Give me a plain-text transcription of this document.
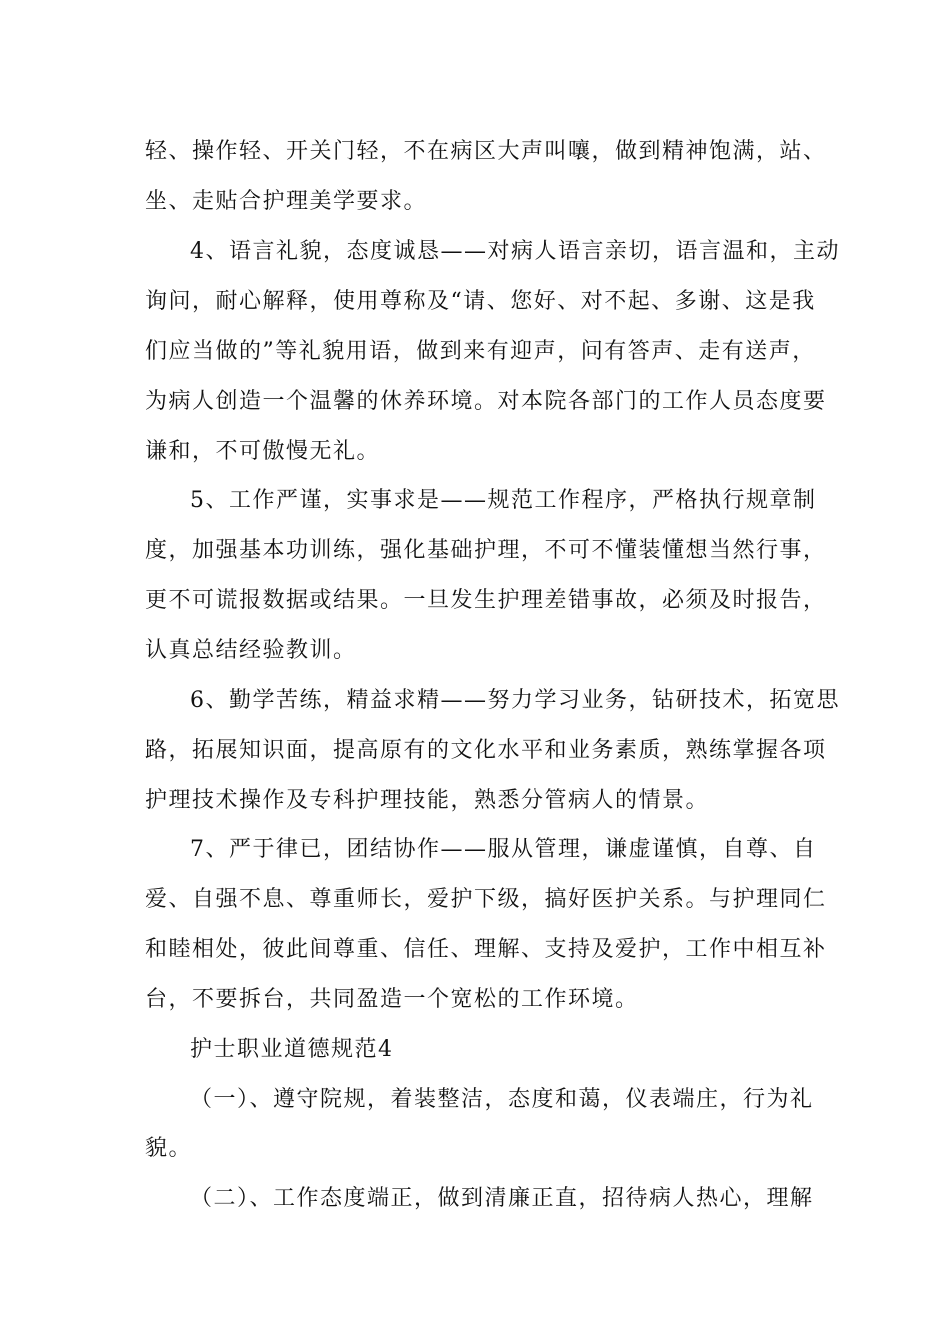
轻、操作轻、开关门轻，不在病区大声叫嚷，做到精神饱满，站、
坐、走贴合护理美学要求。
4、语言礼貌，态度诚恳——对病人语言亲切，语言温和，主动
询问，耐心解释，使用尊称及“请、您好、对不起、多谢、这是我
们应当做的”等礼貌用语，做到来有迎声，问有答声、走有送声，
为病人创造一个温馨的休养环境。对本院各部门的工作人员态度要
谦和，不可傲慢无礼。
5、工作严谨，实事求是——规范工作程序，严格执行规章制
度，加强基本功训练，强化基础护理，不可不懂装懂想当然行事，
更不可谎报数据或结果。一旦发生护理差错事故，必须及时报告，
认真总结经验教训。
6、勤学苦练，精益求精——努力学习业务，钻研技术，拓宽思
路，拓展知识面，提高原有的文化水平和业务素质，熟练掌握各项
护理技术操作及专科护理技能，熟悉分管病人的情景。
7、严于律已，团结协作——服从管理，谦虚谨慎，自尊、自
爱、自强不息、尊重师长，爱护下级，搞好医护关系。与护理同仁
和睦相处，彼此间尊重、信任、理解、支持及爱护，工作中相互补
台，不要拆台，共同盈造一个宽松的工作环境。
护士职业道德规范4
（一）、遵守院规，着装整洁，态度和蔼，仪表端庄，行为礼
貌。
（二）、工作态度端正，做到清廉正直，招待病人热心，理解
